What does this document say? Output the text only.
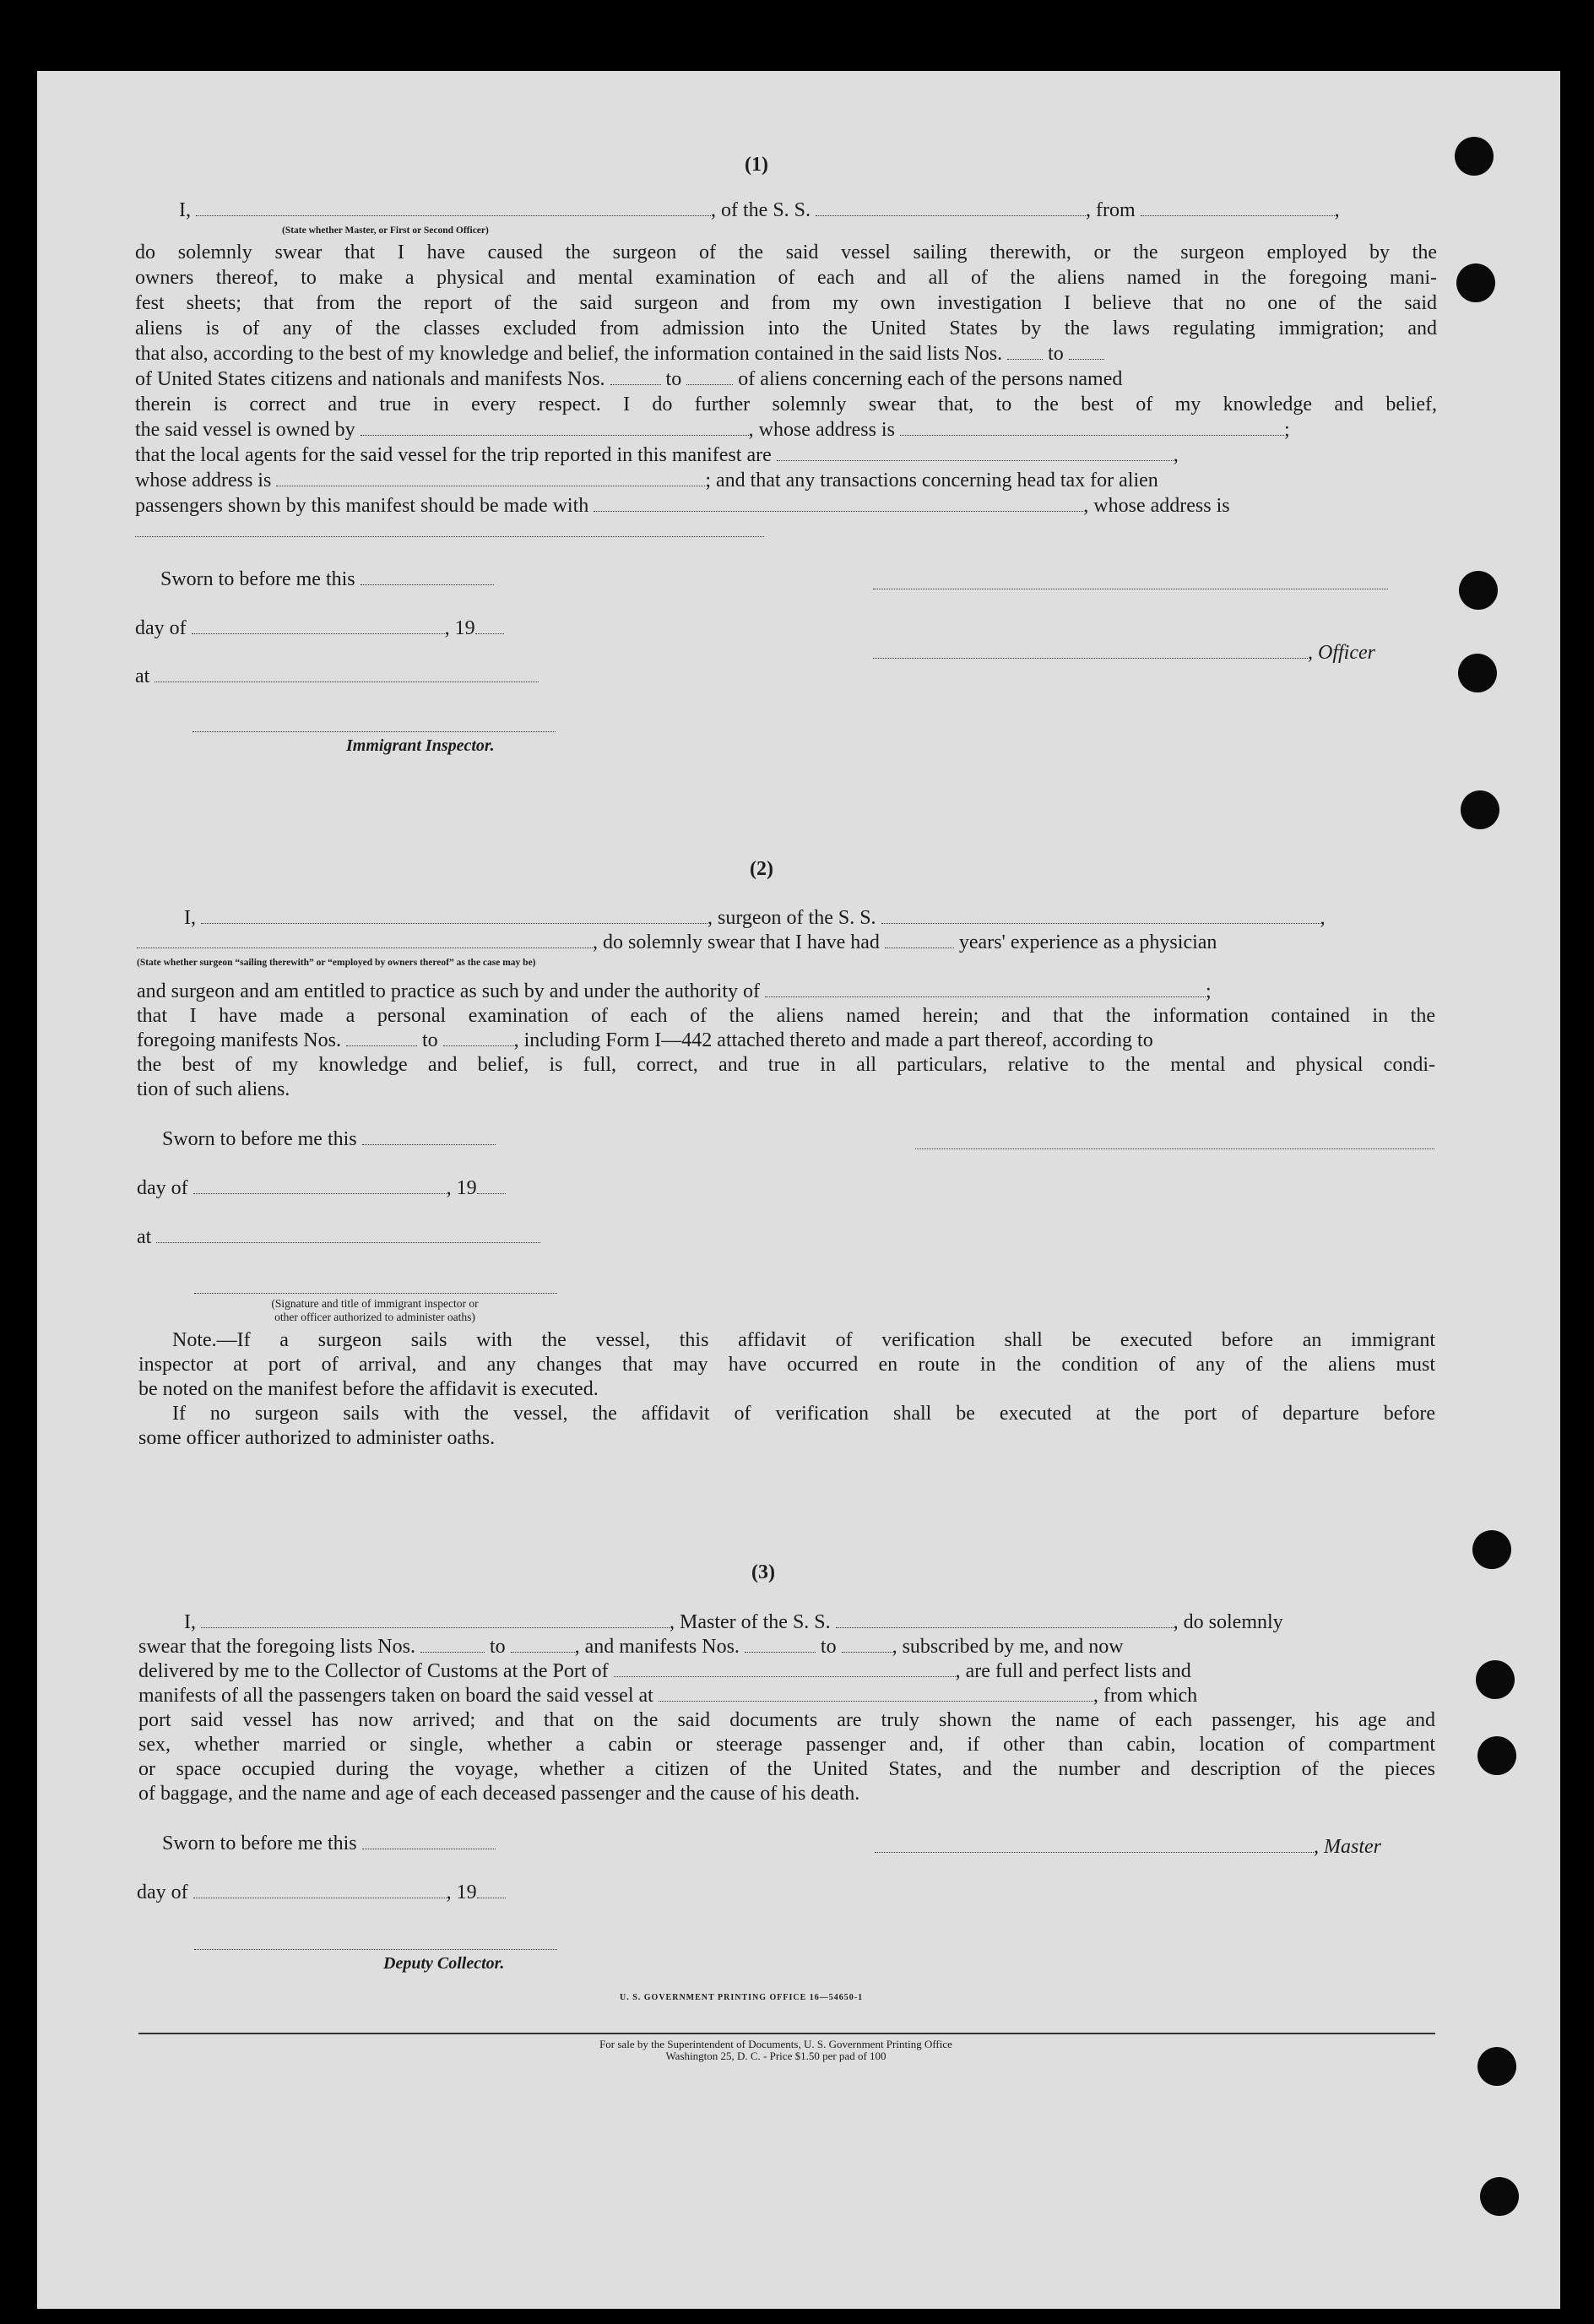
(1)
I,	, of the S. S.	, from	,
(State whether Master, or First or Second Officer)
do solemnly swear that I have caused the surgeon of the said vessel sailing therewith, or the surgeon employed by the
owners thereof, to make a physical and mental examination of each and all of the aliens named in the foregoing mani-
fest sheets; that from the report of the said surgeon and from my own investigation I believe that no one of the said
aliens is of any of the classes excluded from admission into the United States by the laws regulating immigration; and
that also, according to the best of my knowledge and belief, the information contained in the said lists Nos. to
of United States citizens and nationals and manifests Nos.	to	of aliens concerning each of the persons named
therein is correct and true in every respect. I do further solemnly swear that, to the best of my knowledge and belief,
the said vessel is owned by	, whose address is	;
that the local agents for the said vessel for the trip reported in this manifest are	,
whose address is	; and that any transactions concerning head tax for alien
passengers shown by this manifest should be made with	, whose address is
Sworn to before me this
day of	, 19
, Officer
at
Immigrant Inspector.
(2)
I,	, surgeon of the S. S.	,
, do solemnly swear that I have had	years' experience as a physician
(State whether surgeon “sailing therewith” or “employed by owners thereof” as the case may be)
and surgeon and am entitled to practice as such by and under the authority of	;
that I have made a personal examination of each of the aliens named herein; and that the information contained in the
foregoing manifests Nos.	to	, including Form I—442 attached thereto and made a part thereof, according to
the best of my knowledge and belief, is full, correct, and true in all particulars, relative to the mental and physical condi-
tion of such aliens.
Sworn to before me this
day of	, 19
at
(Signature and title of immigrant inspector or
other officer authorized to administer oaths)
Note.—If a surgeon sails with the vessel, this affidavit of verification shall be executed before an immigrant
inspector at port of arrival, and any changes that may have occurred en route in the condition of any of the aliens must
be noted on the manifest before the affidavit is executed.
If no surgeon sails with the vessel, the affidavit of verification shall be executed at the port of departure before
some officer authorized to administer oaths.
(3)
I,	, Master of the S. S.	, do solemnly
swear that the foregoing lists Nos.	to	, and manifests Nos.	to	, subscribed by me, and now
delivered by me to the Collector of Customs at the Port of	, are full and perfect lists and
manifests of all the passengers taken on board the said vessel at	, from which
port said vessel has now arrived; and that on the said documents are truly shown the name of each passenger, his age and
sex, whether married or single, whether a cabin or steerage passenger and, if other than cabin, location of compartment
or space occupied during the voyage, whether a citizen of the United States, and the number and description of the pieces
of baggage, and the name and age of each deceased passenger and the cause of his death.
Sworn to before me this	, Master
day of	, 19
Deputy Collector.
U. S. GOVERNMENT PRINTING OFFICE 16—54650-1
For sale by the Superintendent of Documents, U. S. Government Printing Office
Washington 25, D. C. - Price $1.50 per pad of 100
